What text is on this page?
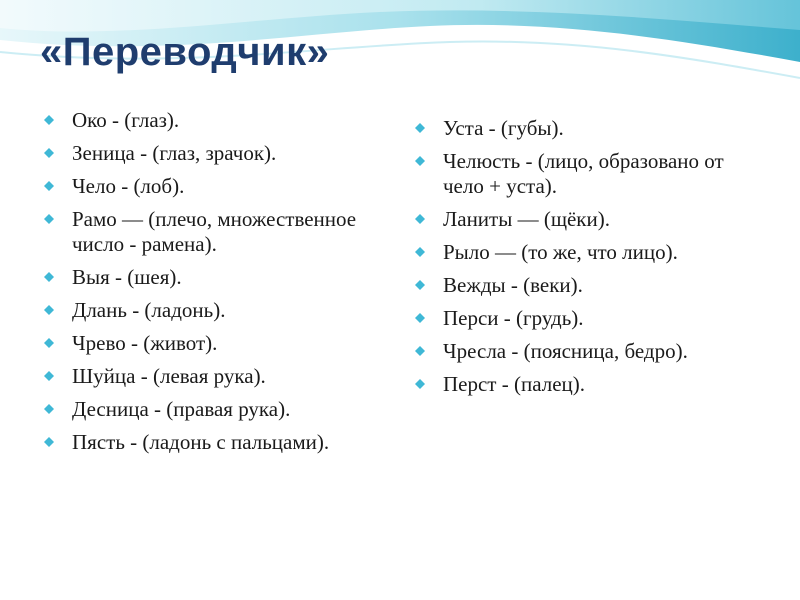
«Переводчик»
Око - (глаз).
Зеница - (глаз, зрачок).
Чело - (лоб).
Рамо — (плечо, множественное число - рамена).
Выя - (шея).
Длань - (ладонь).
Чрево - (живот).
Шуйца - (левая рука).
Десница - (правая рука).
Пясть - (ладонь с пальцами).
Уста - (губы).
Челюсть - (лицо, образовано от чело + уста).
Ланиты — (щёки).
Рыло — (то же, что лицо).
Вежды - (веки).
Перси - (грудь).
Чресла - (поясница, бедро).
Перст - (палец).
